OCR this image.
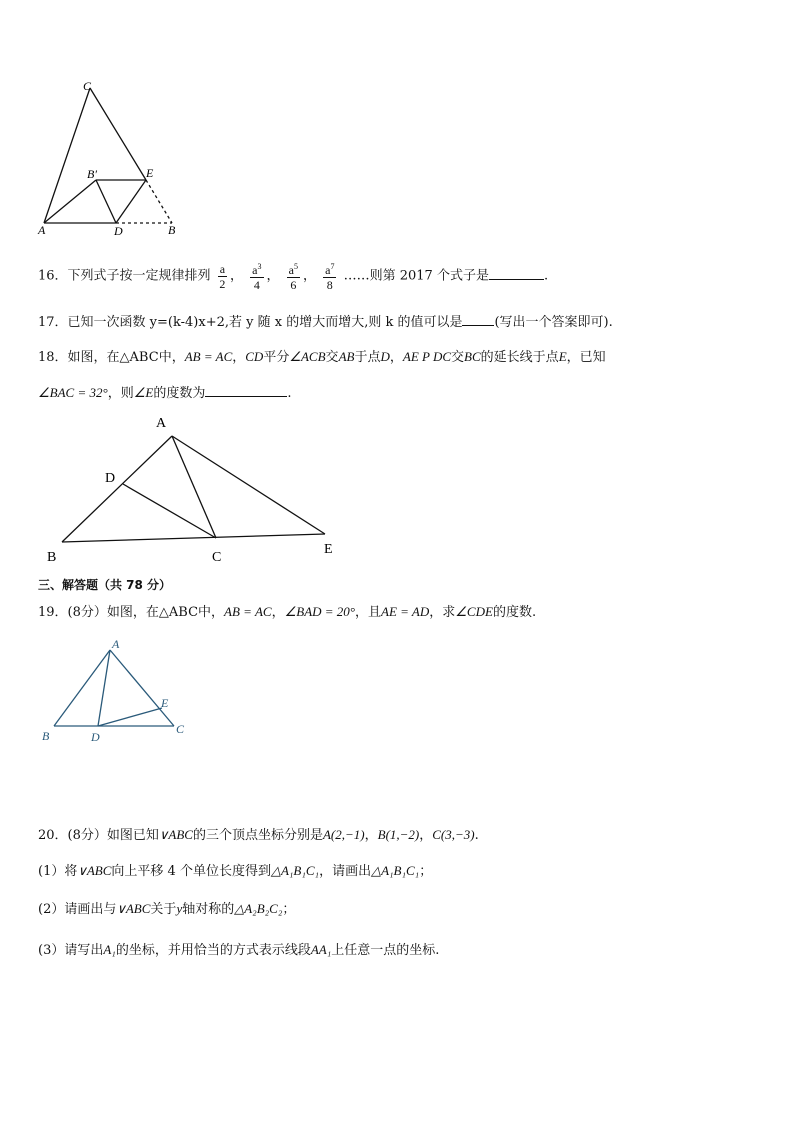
C
B′	E
A	D	B
16．下列式子按一定规律排列 $\frac{a}{2}$ ， $\frac{a^3}{4}$ ， $\frac{a^5}{6}$ ， $\frac{a^7}{8}$ ……则第 2017 个式子是	.
17．已知一次函数 y=(k-4)x+2,若 y 随 x 的增大而增大,则 k 的值可以是 (写出一个答案即可).
18．如图，在△ABC中，AB = AC，CD平分∠ACB交AB于点D，AE P DC交BC的延长线于点E，已知
∠BAC = 32°，则∠E的度数为	.
A
D
B	C
E
三、解答题（共 78 分）
19．(8分）如图，在△ABC中，AB = AC，∠BAD = 20°，且AE = AD，求∠CDE的度数.
A
E
B	D
C
20．(8分）如图已知∨ABC的三个顶点坐标分别是A(2,−1)，B(1,−2)，C(3,−3).
(1）将∨ABC向上平移 4 个单位长度得到△A₁B₁C₁，请画出△A₁B₁C₁；
(2）请画出与∨ABC关于y轴对称的△A₂B₂C₂；
(3）请写出A₁的坐标，并用恰当的方式表示线段AA₁上任意一点的坐标.
